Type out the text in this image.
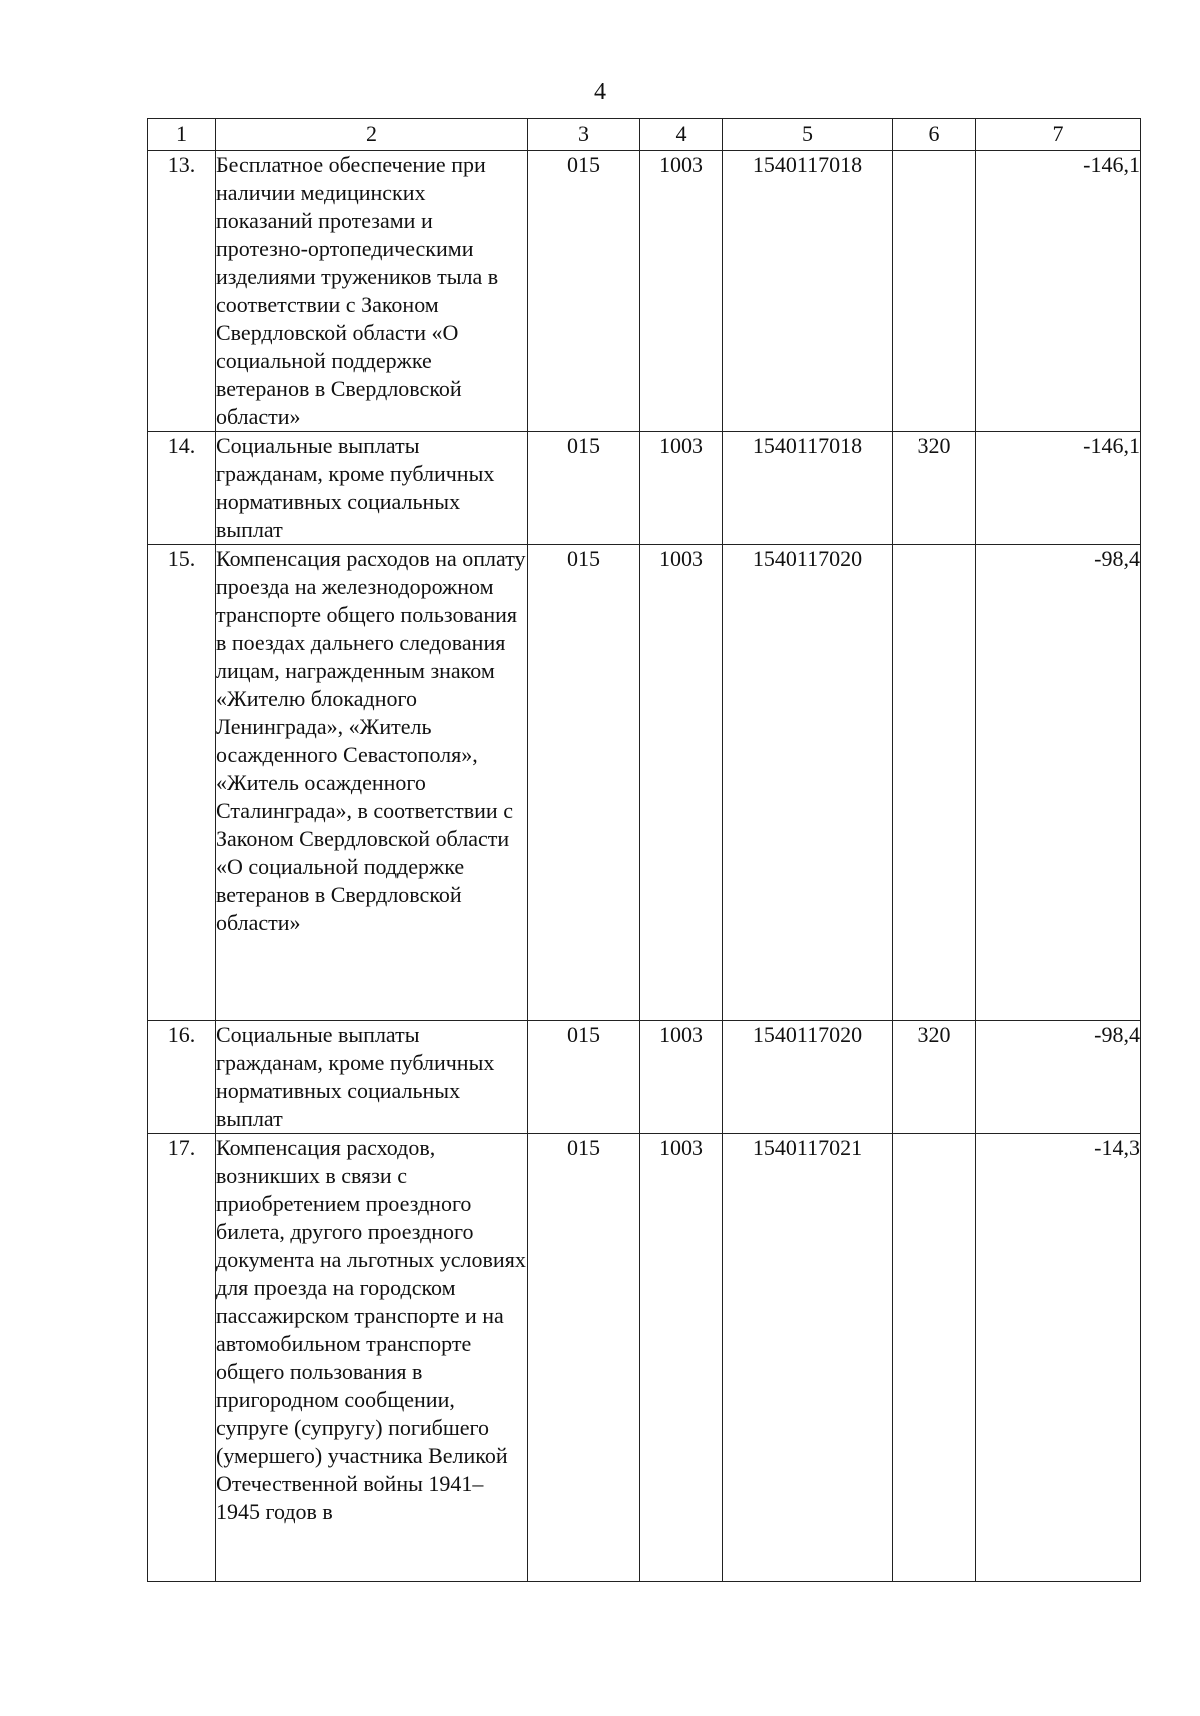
4
1	2	3	4	5	6	7
13.	Бесплатное обеспечение при наличии медицинских показаний протезами и протезно-ортопедическими изделиями тружеников тыла в соответствии с Законом Свердловской области «О социальной поддержке ветеранов в Свердловской области»	015	1003	1540117018		-146,1
14.	Социальные выплаты гражданам, кроме публичных нормативных социальных выплат	015	1003	1540117018	320	-146,1
15.	Компенсация расходов на оплату проезда на железнодорожном транспорте общего пользования в поездах дальнего следования лицам, награжденным знаком «Жителю блокадного Ленинграда», «Житель осажденного Севастополя», «Житель осажденного Сталинграда», в соответствии с Законом Свердловской области «О социальной поддержке ветеранов в Свердловской области»	015	1003	1540117020		-98,4
16.	Социальные выплаты гражданам, кроме публичных нормативных социальных выплат	015	1003	1540117020	320	-98,4
17.	Компенсация расходов, возникших в связи с приобретением проездного билета, другого проездного документа на льготных условиях для проезда на городском пассажирском транспорте и на автомобильном транспорте общего пользования в пригородном сообщении, супруге (супругу) погибшего (умершего) участника Великой Отечественной войны 1941–1945 годов в	015	1003	1540117021		-14,3
